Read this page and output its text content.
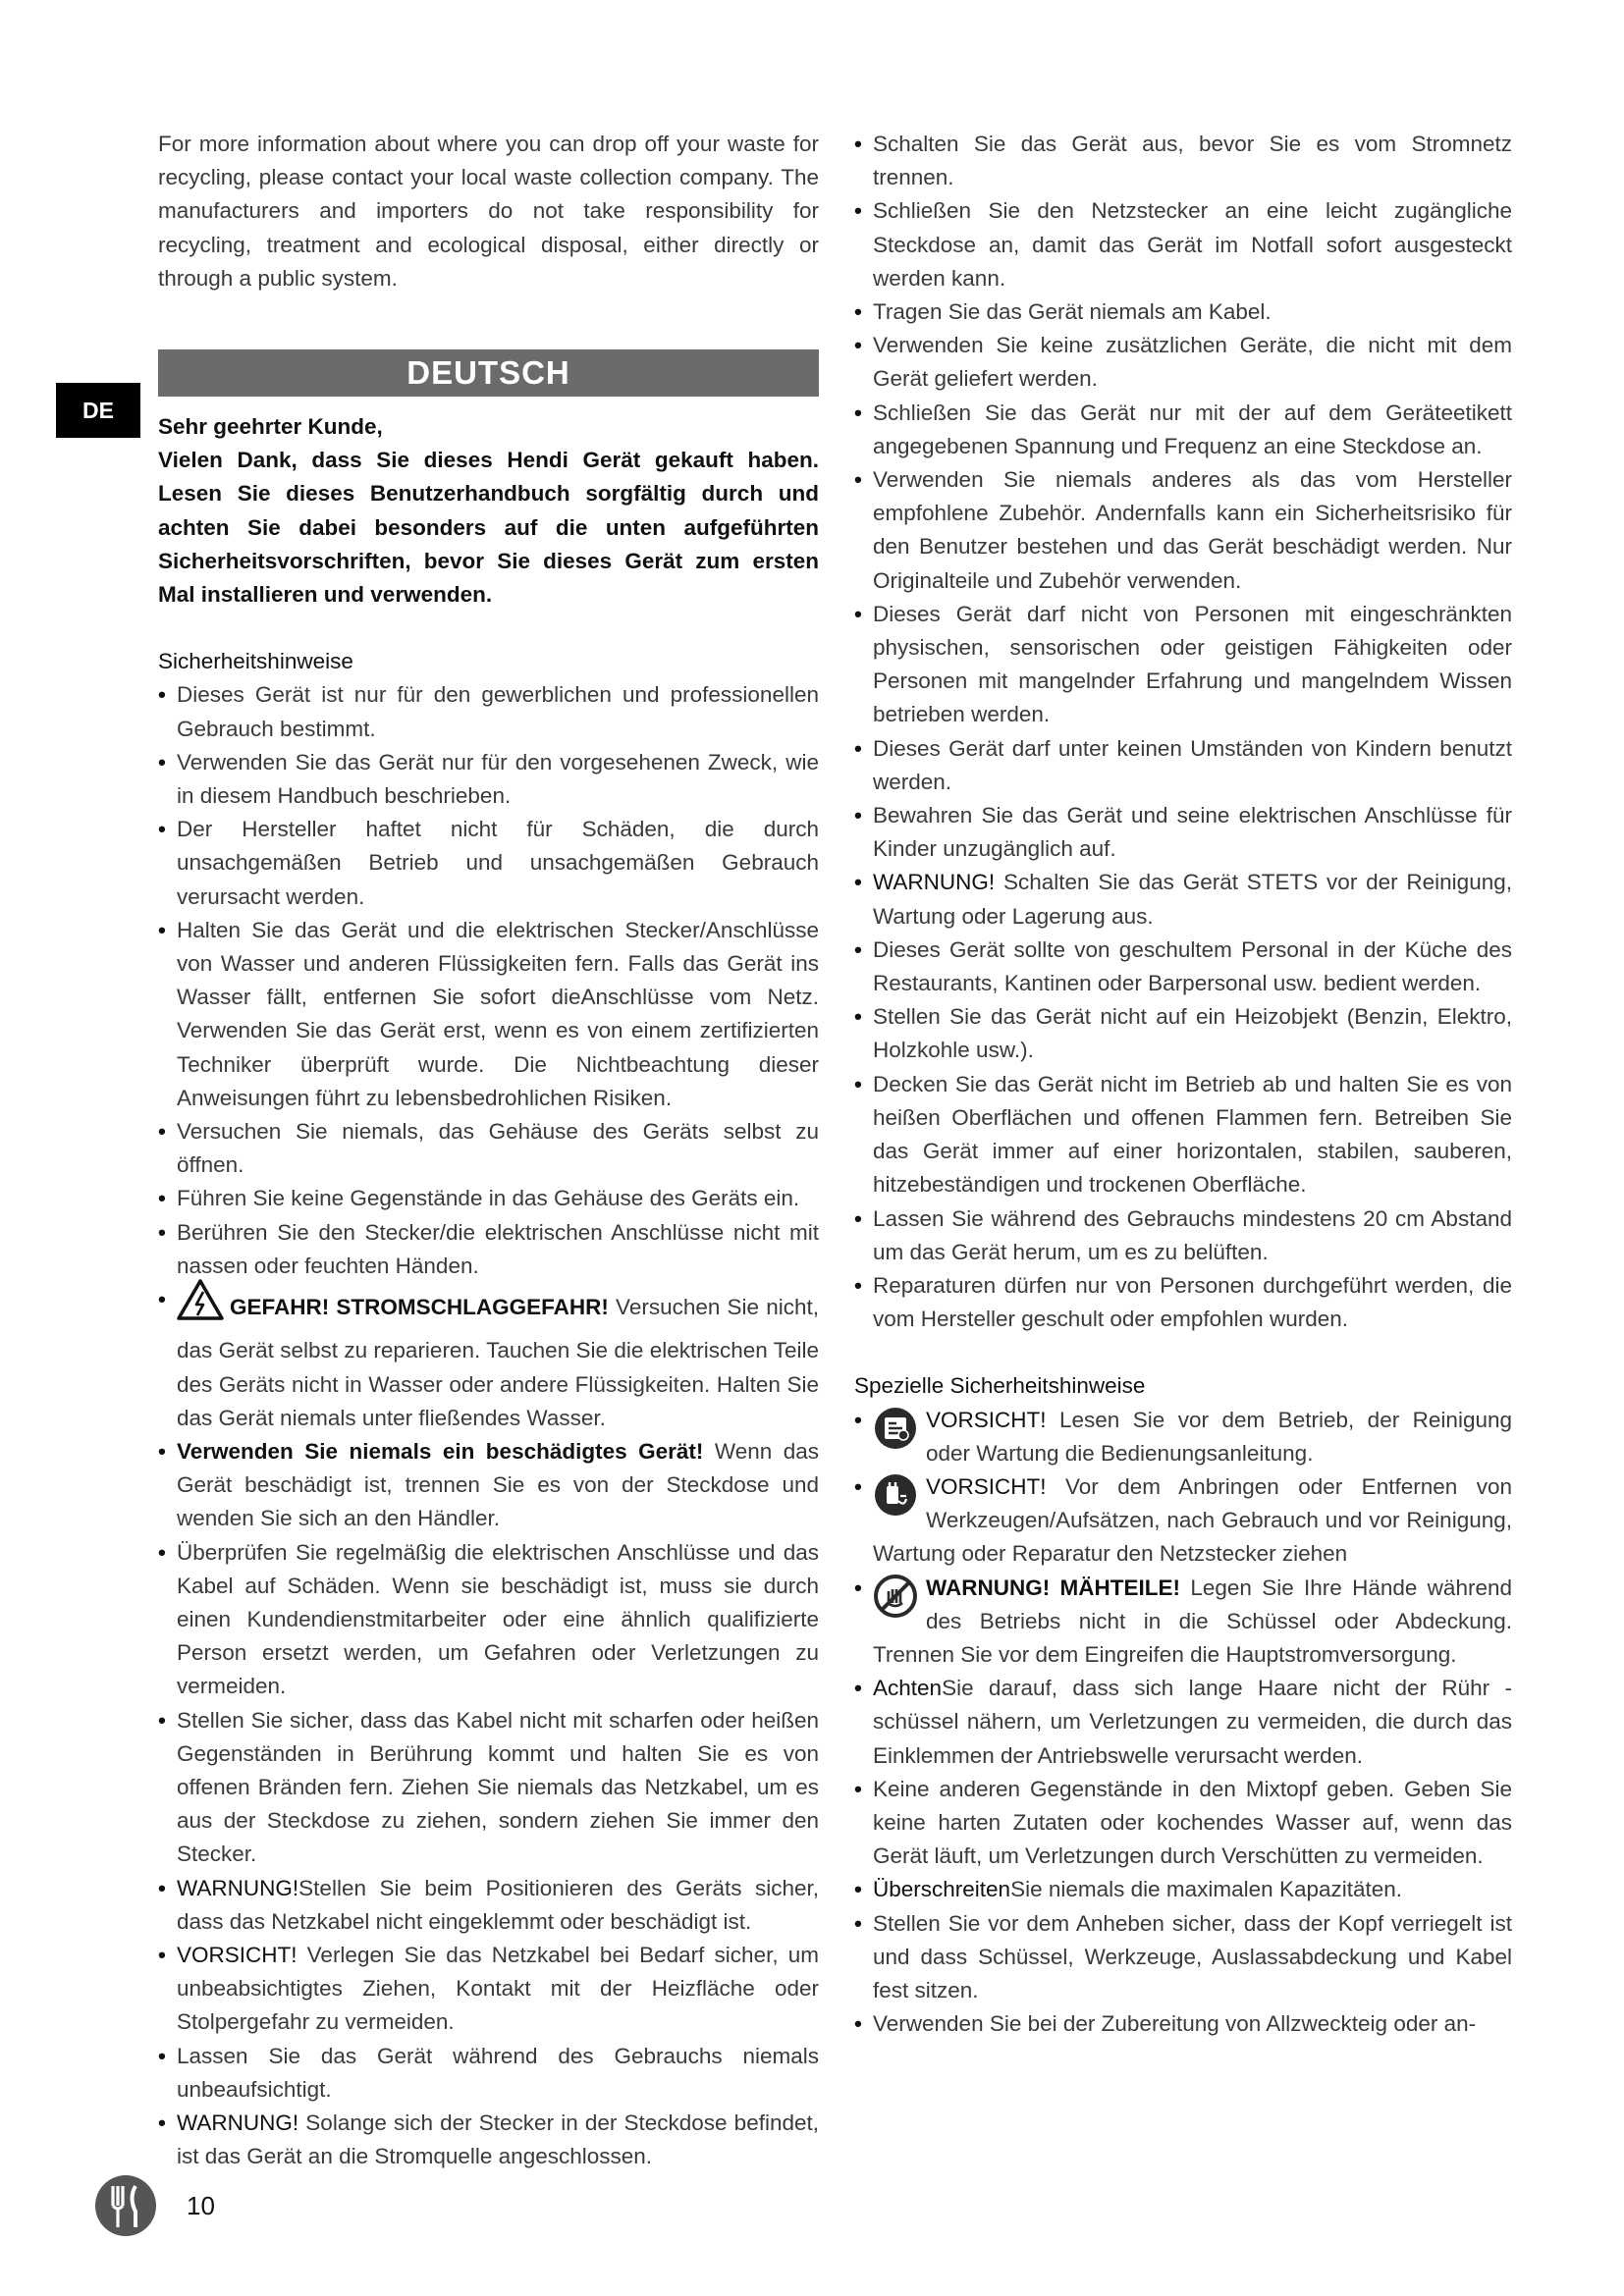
DE

For more information about where you can drop off your waste for recycling, please contact your local waste collection company. The manufacturers and importers do not take responsibility for recycling, treatment and ecological disposal, either directly or through a public system.

DEUTSCH

Sehr geehrter Kunde,

Vielen Dank, dass Sie dieses Hendi Gerät gekauft haben. Lesen Sie dieses Benutzerhandbuch sorgfältig durch und achten Sie dabei besonders auf die unten aufgeführten Sicherheitsvorschriften, bevor Sie dieses Gerät zum ersten Mal installieren und verwenden.

Sicherheitshinweise

• Dieses Gerät ist nur für den gewerblichen und professionellen Gebrauch bestimmt.
• Verwenden Sie das Gerät nur für den vorgesehenen Zweck, wie in diesem Handbuch beschrieben.
• Der Hersteller haftet nicht für Schäden, die durch unsachgemäßen Betrieb und unsachgemäßen Gebrauch verursacht werden.
• Halten Sie das Gerät und die elektrischen Stecker/Anschlüsse von Wasser und anderen Flüssigkeiten fern. Falls das Gerät ins Wasser fällt, entfernen Sie sofort dieAnschlüsse vom Netz. Verwenden Sie das Gerät erst, wenn es von einem zertifizierten Techniker überprüft wurde. Die Nichtbeachtung dieser Anweisungen führt zu lebensbedrohlichen Risiken.
• Versuchen Sie niemals, das Gehäuse des Geräts selbst zu öffnen.
• Führen Sie keine Gegenstände in das Gehäuse des Geräts ein.
• Berühren Sie den Stecker/die elektrischen Anschlüsse nicht mit nassen oder feuchten Händen.
• GEFAHR! STROMSCHLAGGEFAHR! Versuchen Sie nicht, das Gerät selbst zu reparieren. Tauchen Sie die elektrischen Teile des Geräts nicht in Wasser oder andere Flüssigkeiten. Halten Sie das Gerät niemals unter fließendes Wasser.
• Verwenden Sie niemals ein beschädigtes Gerät! Wenn das Gerät beschädigt ist, trennen Sie es von der Steckdose und wenden Sie sich an den Händler.
• Überprüfen Sie regelmäßig die elektrischen Anschlüsse und das Kabel auf Schäden. Wenn sie beschädigt ist, muss sie durch einen Kundendienstmitarbeiter oder eine ähnlich qualifizierte Person ersetzt werden, um Gefahren oder Verletzungen zu vermeiden.
• Stellen Sie sicher, dass das Kabel nicht mit scharfen oder heißen Gegenständen in Berührung kommt und halten Sie es von offenen Bränden fern. Ziehen Sie niemals das Netzkabel, um es aus der Steckdose zu ziehen, sondern ziehen Sie immer den Stecker.
• WARNUNG!Stellen Sie beim Positionieren des Geräts sicher, dass das Netzkabel nicht eingeklemmt oder beschädigt ist.
• VORSICHT! Verlegen Sie das Netzkabel bei Bedarf sicher, um unbeabsichtigtes Ziehen, Kontakt mit der Heizfläche oder Stolpergefahr zu vermeiden.
• Lassen Sie das Gerät während des Gebrauchs niemals unbeaufsichtigt.
• WARNUNG! Solange sich der Stecker in der Steckdose befindet, ist das Gerät an die Stromquelle angeschlossen.
• Schalten Sie das Gerät aus, bevor Sie es vom Stromnetz trennen.
• Schließen Sie den Netzstecker an eine leicht zugängliche Steckdose an, damit das Gerät im Notfall sofort ausgesteckt werden kann.
• Tragen Sie das Gerät niemals am Kabel.
• Verwenden Sie keine zusätzlichen Geräte, die nicht mit dem Gerät geliefert werden.
• Schließen Sie das Gerät nur mit der auf dem Geräteetikett angegebenen Spannung und Frequenz an eine Steckdose an.
• Verwenden Sie niemals anderes als das vom Hersteller empfohlene Zubehör. Andernfalls kann ein Sicherheitsrisiko für den Benutzer bestehen und das Gerät beschädigt werden. Nur Originalteile und Zubehör verwenden.
• Dieses Gerät darf nicht von Personen mit eingeschränkten physischen, sensorischen oder geistigen Fähigkeiten oder Personen mit mangelnder Erfahrung und mangelndem Wissen betrieben werden.
• Dieses Gerät darf unter keinen Umständen von Kindern benutzt werden.
• Bewahren Sie das Gerät und seine elektrischen Anschlüsse für Kinder unzugänglich auf.
• WARNUNG! Schalten Sie das Gerät STETS vor der Reinigung, Wartung oder Lagerung aus.
• Dieses Gerät sollte von geschultem Personal in der Küche des Restaurants, Kantinen oder Barpersonal usw. bedient werden.
• Stellen Sie das Gerät nicht auf ein Heizobjekt (Benzin, Elektro, Holzkohle usw.).
• Decken Sie das Gerät nicht im Betrieb ab und halten Sie es von heißen Oberflächen und offenen Flammen fern. Betreiben Sie das Gerät immer auf einer horizontalen, stabilen, sauberen, hitzebeständigen und trockenen Oberfläche.
• Lassen Sie während des Gebrauchs mindestens 20 cm Abstand um das Gerät herum, um es zu belüften.
• Reparaturen dürfen nur von Personen durchgeführt werden, die vom Hersteller geschult oder empfohlen wurden.

Spezielle Sicherheitshinweise

• VORSICHT! Lesen Sie vor dem Betrieb, der Reinigung oder Wartung die Bedienungsanleitung.
• VORSICHT! Vor dem Anbringen oder Entfernen von Werkzeugen/Aufsätzen, nach Gebrauch und vor Reinigung, Wartung oder Reparatur den Netzstecker ziehen
• WARNUNG! MÄHTEILE! Legen Sie Ihre Hände während des Betriebs nicht in die Schüssel oder Abdeckung. Trennen Sie vor dem Eingreifen die Hauptstromversorgung.
• AchtenSie darauf, dass sich lange Haare nicht der Rühr - schüssel nähern, um Verletzungen zu vermeiden, die durch das Einklemmen der Antriebswelle verursacht werden.
• Keine anderen Gegenstände in den Mixtopf geben. Geben Sie keine harten Zutaten oder kochendes Wasser auf, wenn das Gerät läuft, um Verletzungen durch Verschütten zu vermeiden.
• ÜberschreitenSie niemals die maximalen Kapazitäten.
• Stellen Sie vor dem Anheben sicher, dass der Kopf verriegelt ist und dass Schüssel, Werkzeuge, Auslassabdeckung und Kabel fest sitzen.
• Verwenden Sie bei der Zubereitung von Allzweckteig oder an-
10
